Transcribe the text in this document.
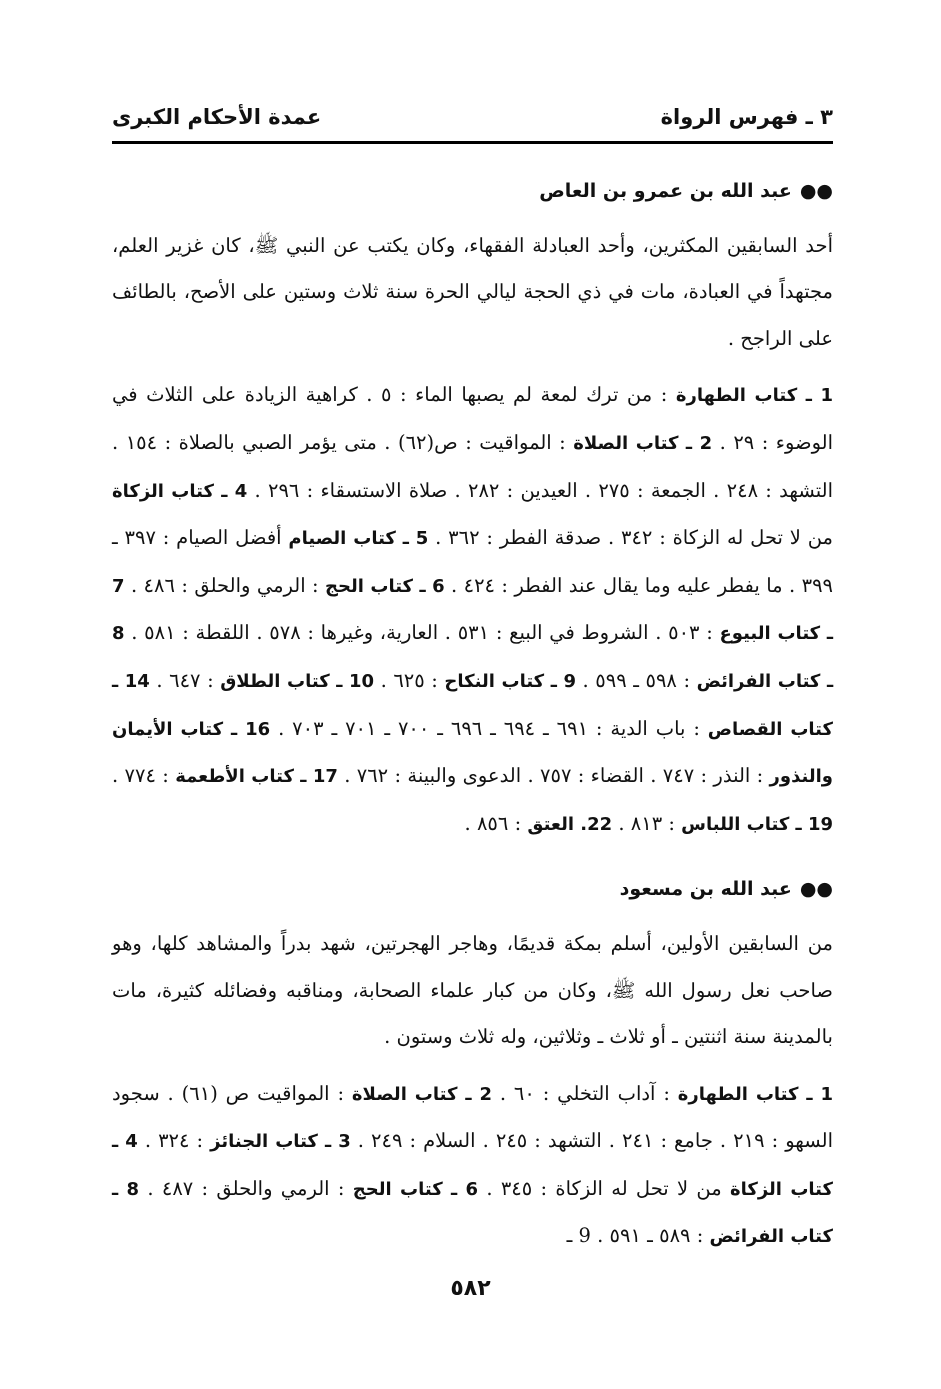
٣ ـ فهرس الرواة
عمدة الأحكام الكبرى
●●عبد الله بن عمرو بن العاص

أحد السابقين المكثرين، وأحد العبادلة الفقهاء، وكان يكتب عن النبي ﷺ، كان غزير العلم، مجتهداً في العبادة، مات في ذي الحجة ليالي الحرة سنة ثلاث وستين على الأصح، بالطائف على الراجح .

1 ـ كتاب الطهارة : من ترك لمعة لم يصبها الماء : ٥ . كراهية الزيادة على الثلاث في الوضوء : ٢٩ . 2 ـ كتاب الصلاة : المواقيت : ص(٦٢) . متى يؤمر الصبي بالصلاة : ١٥٤ . التشهد : ٢٤٨ . الجمعة : ٢٧٥ . العيدين : ٢٨٢ . صلاة الاستسقاء : ٢٩٦ . 4 ـ كتاب الزكاة من لا تحل له الزكاة : ٣٤٢ . صدقة الفطر : ٣٦٢ . 5 ـ كتاب الصيام أفضل الصيام : ٣٩٧ ـ ٣٩٩ . ما يفطر عليه وما يقال عند الفطر : ٤٢٤ . 6 ـ كتاب الحج : الرمي والحلق : ٤٨٦ . 7 ـ كتاب البيوع : ٥٠٣ . الشروط في البيع : ٥٣١ . العارية، وغيرها : ٥٧٨ . اللقطة : ٥٨١ . 8 ـ كتاب الفرائض : ٥٩٨ ـ ٥٩٩ . 9 ـ كتاب النكاح : ٦٢٥ . 10 ـ كتاب الطلاق : ٦٤٧ . 14 ـ كتاب القصاص : باب الدية : ٦٩١ ـ ٦٩٤ ـ ٦٩٦ ـ ٧٠٠ ـ ٧٠١ ـ ٧٠٣ . 16 ـ كتاب الأيمان والنذور : النذر : ٧٤٧ . القضاء : ٧٥٧ . الدعوى والبينة : ٧٦٢ . 17 ـ كتاب الأطعمة : ٧٧٤ . 19 ـ كتاب اللباس : ٨١٣ . 22. العتق : ٨٥٦ .

●●عبد الله بن مسعود

من السابقين الأولين، أسلم بمكة قديمًا، وهاجر الهجرتين، شهد بدراً والمشاهد كلها، وهو صاحب نعل رسول الله ﷺ، وكان من كبار علماء الصحابة، ومناقبه وفضائله كثيرة، مات بالمدينة سنة اثنتين ـ أو ثلاث ـ وثلاثين، وله ثلاث وستون .

1 ـ كتاب الطهارة : آداب التخلي : ٦٠ . 2 ـ كتاب الصلاة : المواقيت ص (٦١) . سجود السهو : ٢١٩ . جامع : ٢٤١ . التشهد : ٢٤٥ . السلام : ٢٤٩ . 3 ـ كتاب الجنائز : ٣٢٤ . 4 ـ كتاب الزكاة من لا تحل له الزكاة : ٣٤٥ . 6 ـ كتاب الحج : الرمي والحلق : ٤٨٧ . 8 ـ كتاب الفرائض : ٥٨٩ ـ ٥٩١ . 9 ـ

٥٨٢
